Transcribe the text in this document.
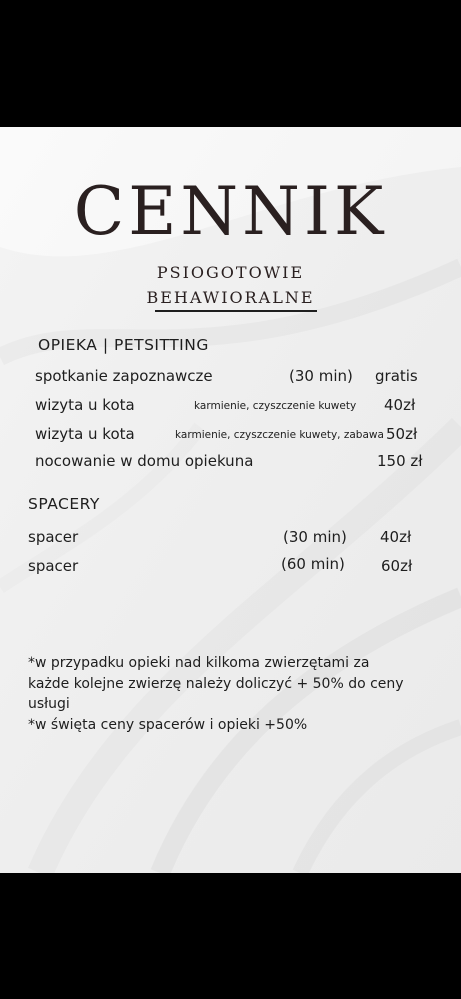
CENNIK
PSIOGOTOWIE
BEHAWIORALNE
OPIEKA | PETSITTING
spotkanie zapoznawcze	(30 min) gratis
wizyta u kota	karmienie, czyszczenie kuwety 40zł
wizyta u kota	karmienie, czyszczenie kuwety, zabawa 50zł
nocowanie w domu opiekuna	150 zł
SPACERY
spacer	(30 min) 40zł
spacer	(60 min) 60zł
*w przypadku opieki nad kilkoma zwierzętami za
każde kolejne zwierzę należy doliczyć + 50% do ceny
usługi
*w święta ceny spacerów i opieki +50%
